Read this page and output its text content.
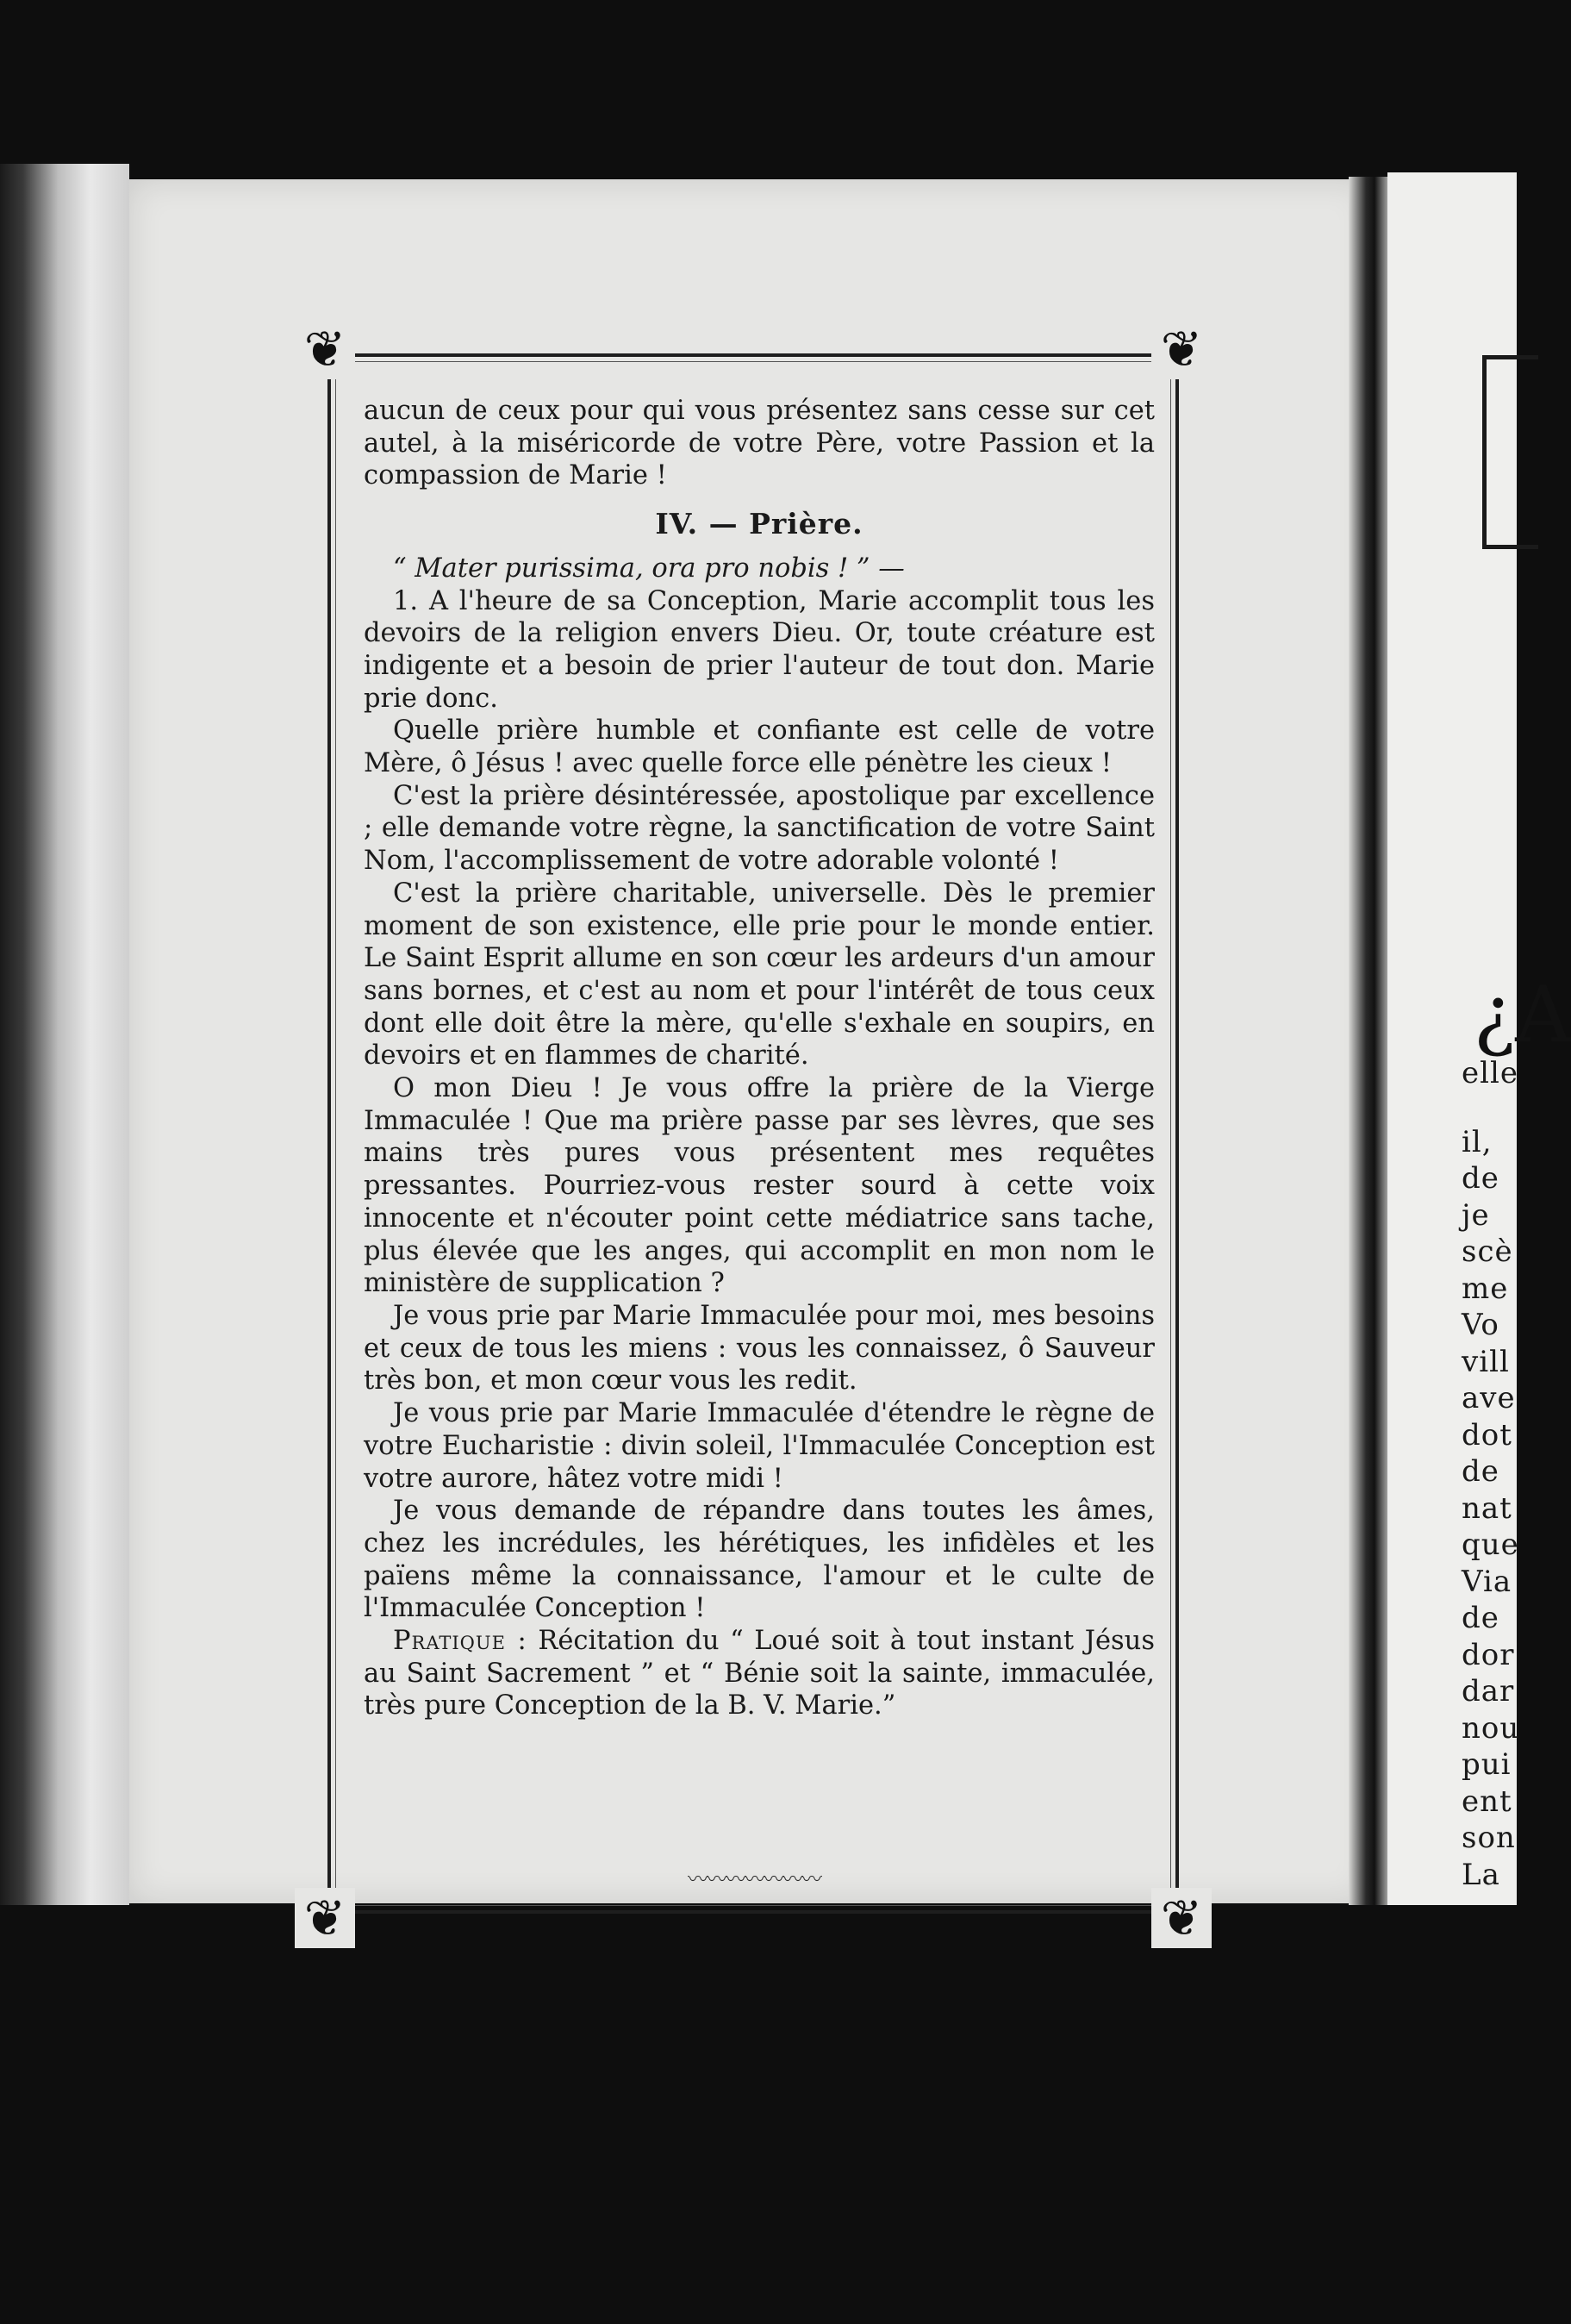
¿A
elle
il,
de
je
scè
me
Vo
vill
ave
dot
de
nat
que
Via
de
dor
dar
nou
pui
ent
son
La
❦	❦
❦	❦

aucun de ceux pour qui vous présentez sans cesse sur cet autel, à la miséricorde de votre Père, votre Passion et la compassion de Marie !

IV. — Prière.

“ Mater purissima, ora pro nobis ! ” —

1. A l'heure de sa Conception, Marie accomplit tous les devoirs de la religion envers Dieu. Or, toute créature est indigente et a besoin de prier l'auteur de tout don. Marie prie donc.

Quelle prière humble et confiante est celle de votre Mère, ô Jésus ! avec quelle force elle pénètre les cieux !

C'est la prière désintéressée, apostolique par excellence ; elle demande votre règne, la sanctification de votre Saint Nom, l'accomplissement de votre adorable volonté !

C'est la prière charitable, universelle. Dès le premier moment de son existence, elle prie pour le monde entier. Le Saint Esprit allume en son cœur les ardeurs d'un amour sans bornes, et c'est au nom et pour l'intérêt de tous ceux dont elle doit être la mère, qu'elle s'exhale en soupirs, en devoirs et en flammes de charité.

O mon Dieu ! Je vous offre la prière de la Vierge Immaculée ! Que ma prière passe par ses lèvres, que ses mains très pures vous présentent mes requêtes pressantes. Pourriez-vous rester sourd à cette voix innocente et n'écouter point cette médiatrice sans tache, plus élevée que les anges, qui accomplit en mon nom le ministère de supplication ?

Je vous prie par Marie Immaculée pour moi, mes besoins et ceux de tous les miens : vous les connaissez, ô Sauveur très bon, et mon cœur vous les redit.

Je vous prie par Marie Immaculée d'étendre le règne de votre Eucharistie : divin soleil, l'Immaculée Conception est votre aurore, hâtez votre midi !

Je vous demande de répandre dans toutes les âmes, chez les incrédules, les hérétiques, les infidèles et les païens même la connaissance, l'amour et le culte de l'Immaculée Conception !

Pratique : Récitation du “ Loué soit à tout instant Jésus au Saint Sacrement ” et “ Bénie soit la sainte, immaculée, très pure Conception de la B. V. Marie.”

〰〰〰〰〰〰〰
